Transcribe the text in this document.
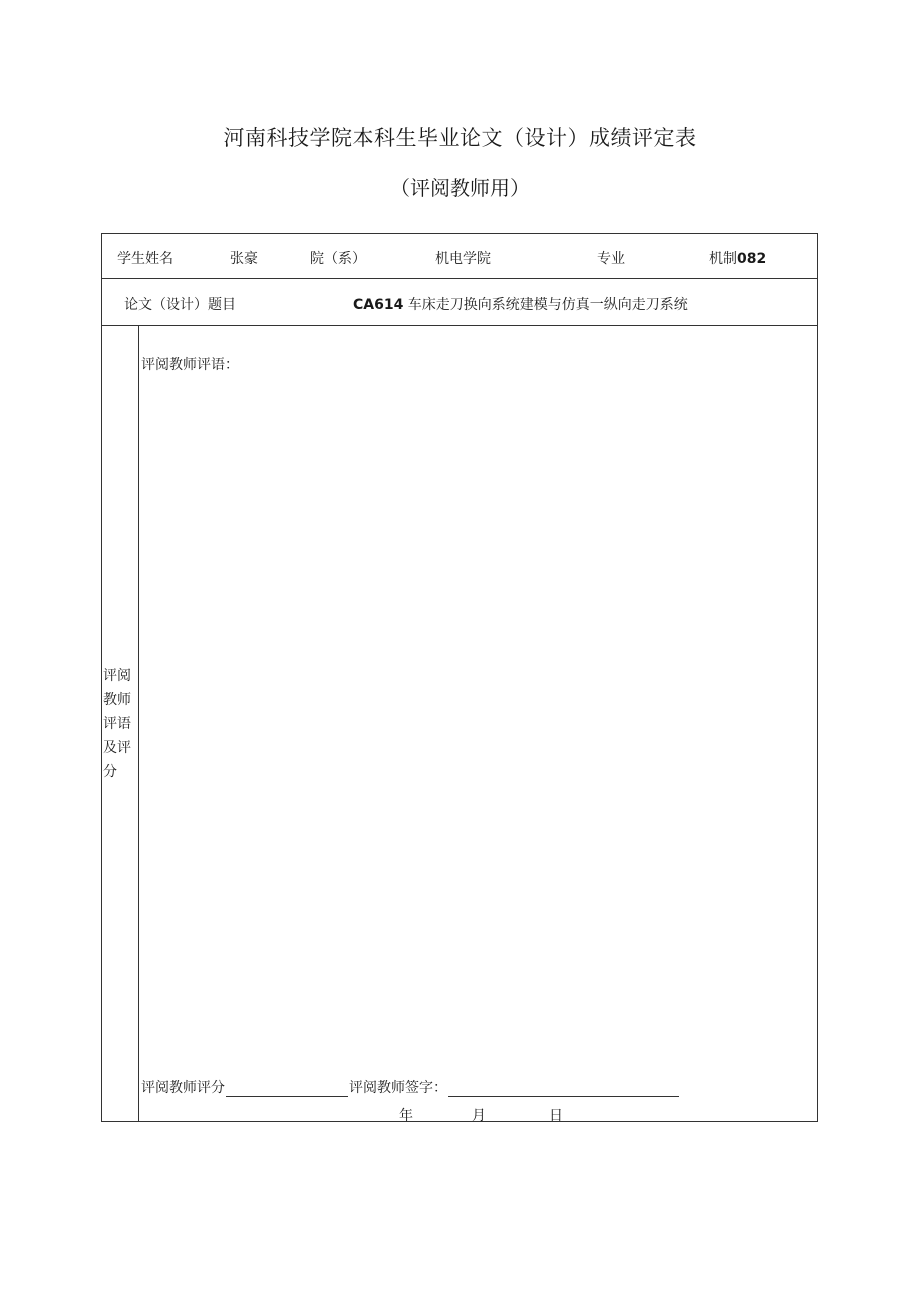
河南科技学院本科生毕业论文（设计）成绩评定表
（评阅教师用）
学生姓名	张豪	院（系）	机电学院	专业	机制082
论文（设计）题目	CA614 车床走刀换向系统建模与仿真一纵向走刀系统
评阅教师评语及评分
评阅教师评语：
评阅教师评分	评阅教师签字：
年	月	日
